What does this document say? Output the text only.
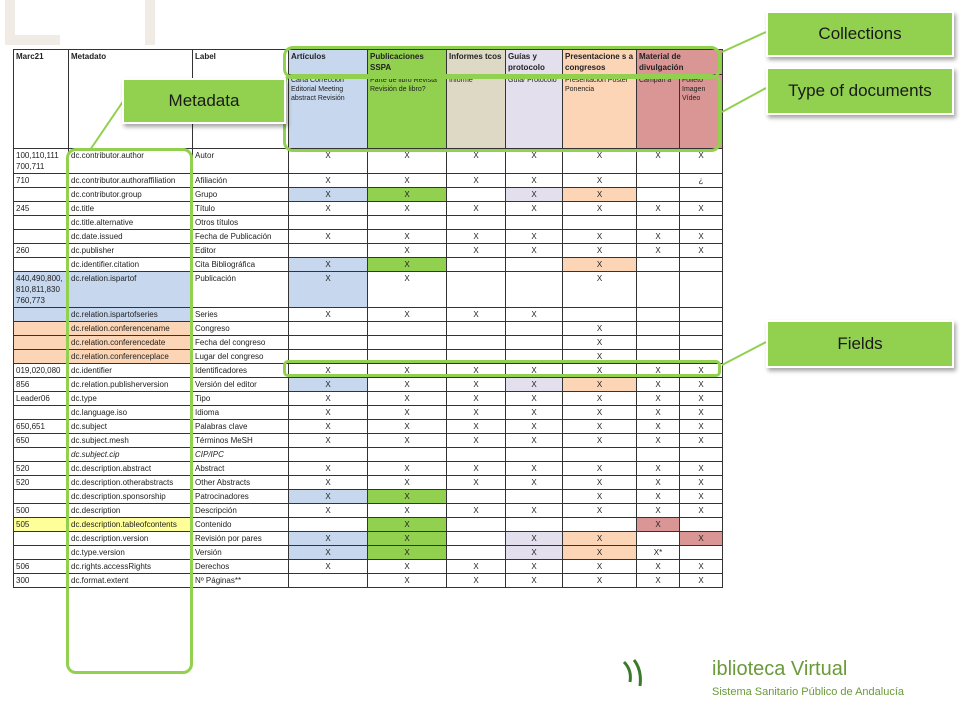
Marc21	Metadato	Label	Artículos	Publicaciones SSPA	Informes tcos	Guías y protocolo	Presentacione s a congresos	Material de divulgación	
			Carta Corrección Editorial Meeting abstract Revisión	Parte de libro Revista Revisión de libro?	Informe	Guía/ Protocolo	Presentación Póster Ponencia	Campañ a	Folleto Imagen Vídeo
100,110,111 700,711	dc.contributor.author	Autor	X	X	X	X	X	X	X
710	dc.contributor.authoraffiliation	Afiliación	X	X	X	X	X		¿
	dc.contributor.group	Grupo	X	X		X	X		
245	dc.title	Título	X	X	X	X	X	X	X
	dc.title.alternative	Otros títulos							
	dc.date.issued	Fecha de Publicación	X	X	X	X	X	X	X
260	dc.publisher	Editor		X	X	X	X	X	X
	dc.identifier.citation	Cita Bibliográfica	X	X			X		
440,490,800, 810,811,830 760,773	dc.relation.ispartof	Publicación	X	X			X		
	dc.relation.ispartofseries	Series	X	X	X	X			
	dc.relation.conferencename	Congreso					X		
	dc.relation.conferencedate	Fecha del congreso					X		
	dc.relation.conferenceplace	Lugar del congreso					X		
019,020,080	dc.identifier	Identificadores	X	X	X	X	X	X	X
856	dc.relation.publisherversion	Versión del editor	X	X	X	X	X	X	X
Leader06	dc.type	Tipo	X	X	X	X	X	X	X
	dc.language.iso	Idioma	X	X	X	X	X	X	X
650,651	dc.subject	Palabras clave	X	X	X	X	X	X	X
650	dc.subject.mesh	Términos MeSH	X	X	X	X	X	X	X
	dc.subject.cip	CIP/IPC							
520	dc.description.abstract	Abstract	X	X	X	X	X	X	X
520	dc.description.otherabstracts	Other Abstracts	X	X	X	X	X	X	X
	dc.description.sponsorship	Patrocinadores	X	X			X	X	X
500	dc.description	Descripción	X	X	X	X	X	X	X
505	dc.description.tableofcontents	Contenido		X				X	
	dc.description.version	Revisión por pares	X	X		X	X		X
	dc.type.version	Versión	X	X		X	X	X*	
506	dc.rights.accessRights	Derechos	X	X	X	X	X	X	X
300	dc.format.extent	Nº Páginas**		X	X	X	X	X	X
Collections
Type of documents
Metadata
Fields
iblioteca Virtual
Sistema Sanitario Público de Andalucía
